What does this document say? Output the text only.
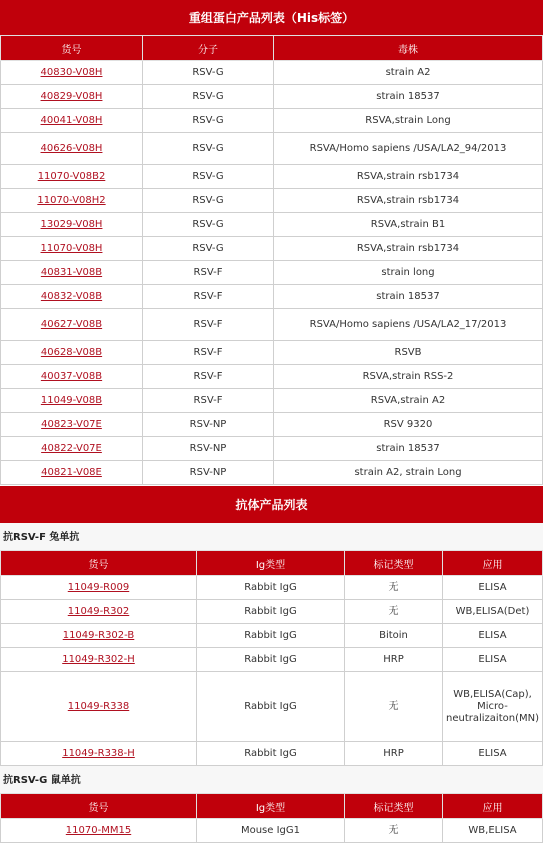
重组蛋白产品列表（His标签）
货号	分子	毒株
40830-V08H	RSV-G	strain A2
40829-V08H	RSV-G	strain 18537
40041-V08H	RSV-G	RSVA,strain Long
40626-V08H	RSV-G	RSVA/Homo sapiens /USA/LA2_94/2013
11070-V08B2	RSV-G	RSVA,strain rsb1734
11070-V08H2	RSV-G	RSVA,strain rsb1734
13029-V08H	RSV-G	RSVA,strain B1
11070-V08H	RSV-G	RSVA,strain rsb1734
40831-V08B	RSV-F	strain long
40832-V08B	RSV-F	strain 18537
40627-V08B	RSV-F	RSVA/Homo sapiens /USA/LA2_17/2013
40628-V08B	RSV-F	RSVB
40037-V08B	RSV-F	RSVA,strain RSS-2
11049-V08B	RSV-F	RSVA,strain A2
40823-V07E	RSV-NP	RSV 9320
40822-V07E	RSV-NP	strain 18537
40821-V08E	RSV-NP	strain A2, strain Long
抗体产品列表
抗RSV-F 兔单抗
货号	Ig类型	标记类型	应用
11049-R009	Rabbit IgG	无	ELISA
11049-R302	Rabbit IgG	无	WB,ELISA(Det)
11049-R302-B	Rabbit IgG	Bitoin	ELISA
11049-R302-H	Rabbit IgG	HRP	ELISA
11049-R338	Rabbit IgG	无	WB,ELISA(Cap), Micro-neutralizaiton(MN)
11049-R338-H	Rabbit IgG	HRP	ELISA
抗RSV-G 鼠单抗
货号	Ig类型	标记类型	应用
11070-MM15	Mouse IgG1	无	WB,ELISA
